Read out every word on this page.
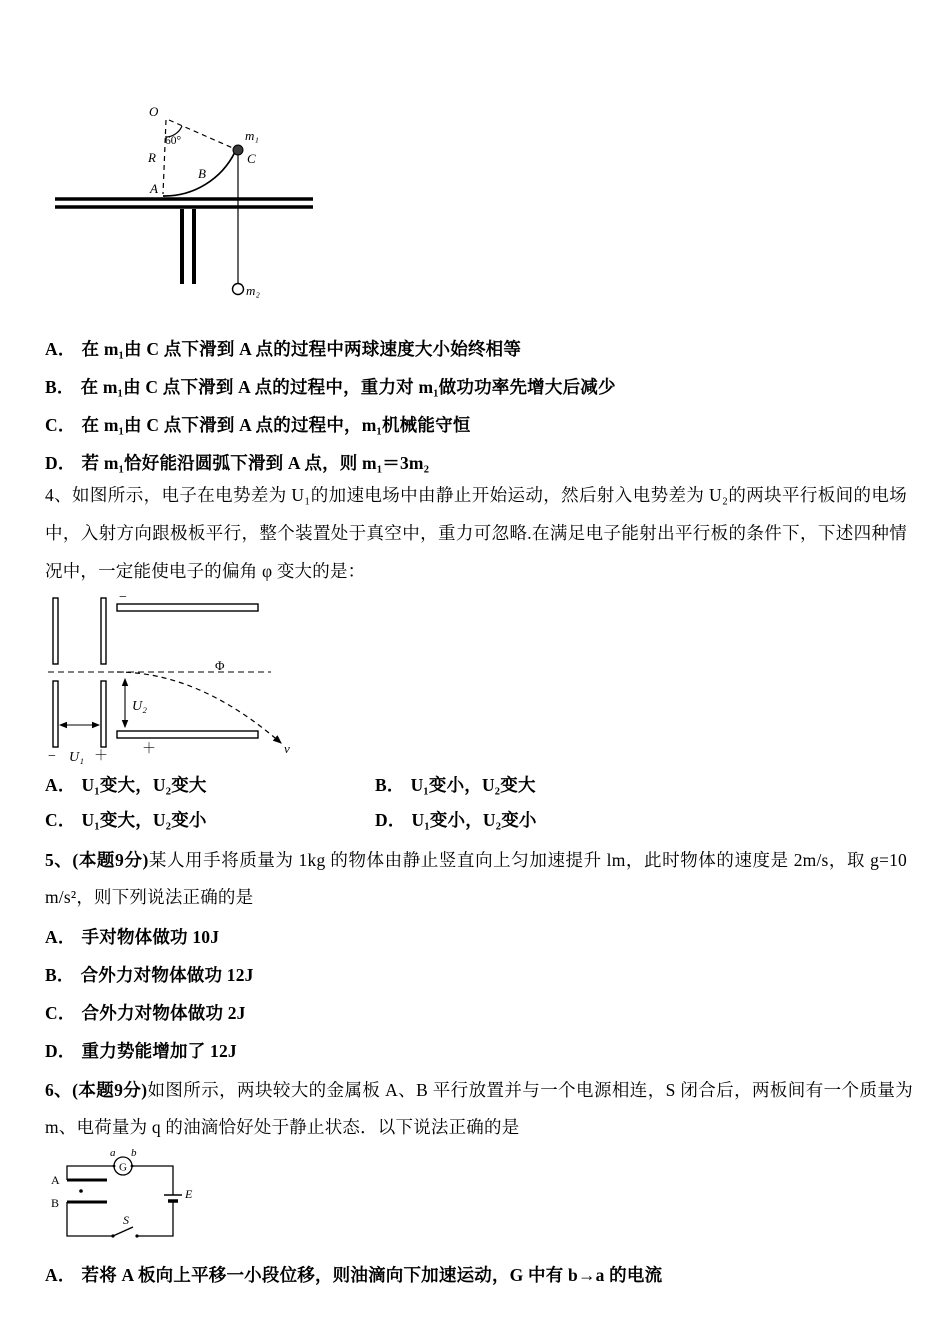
O
60°
R
A
B
C
m₁
m₂
A． 在 m₁由 C 点下滑到 A 点的过程中两球速度大小始终相等
B． 在 m₁由 C 点下滑到 A 点的过程中，重力对 m₁做功功率先增大后减少
C． 在 m₁由 C 点下滑到 A 点的过程中，m₁机械能守恒
D． 若 m₁恰好能沿圆弧下滑到 A 点，则 m₁＝3m₂

4、如图所示，电子在电势差为 U₁的加速电场中由静止开始运动，然后射入电势差为 U₂的两块平行板间的电场中，入射方向跟极板平行，整个装置处于真空中，重力可忽略.在满足电子能射出平行板的条件下，下述四种情况中，一定能使电子的偏角 φ 变大的是：

−
＋
− U₁ ＋
U₂
Φ
v
A． U₁变大，U₂变大	B． U₁变小，U₂变大
C． U₁变大，U₂变小	D． U₁变小，U₂变小

5、(本题9分)某人用手将质量为 1kg 的物体由静止竖直向上匀加速提升 lm，此时物体的速度是 2m/s，取 g=10 m/s²，则下列说法正确的是

A． 手对物体做功 10J
B． 合外力对物体做功 12J
C． 合外力对物体做功 2J
D． 重力势能增加了 12J

6、(本题9分)如图所示，两块较大的金属板 A、B 平行放置并与一个电源相连，S 闭合后，两板间有一个质量为 m、电荷量为 q 的油滴恰好处于静止状态．以下说法正确的是

a b
G
A
B
E
S
A． 若将 A 板向上平移一小段位移，则油滴向下加速运动，G 中有 b→a 的电流
